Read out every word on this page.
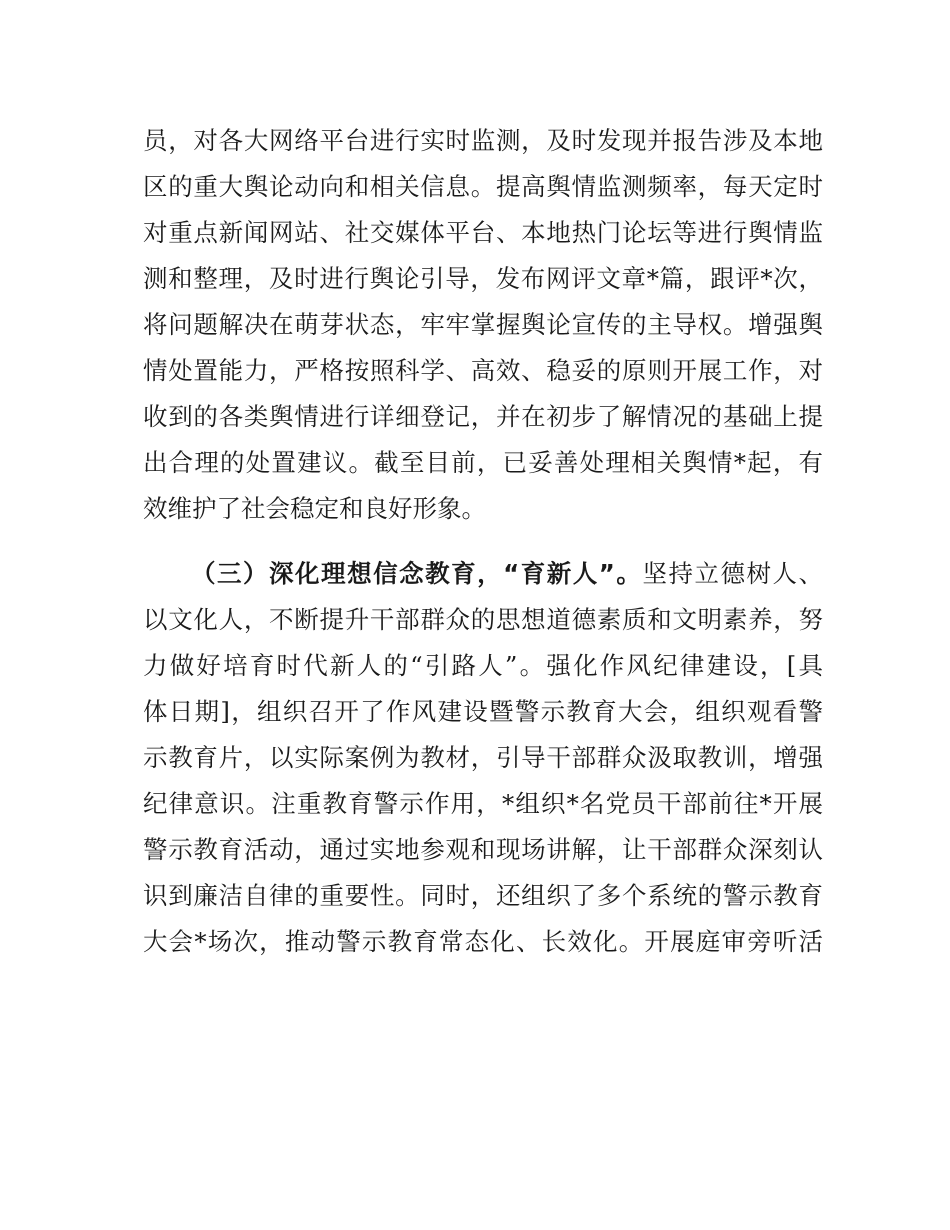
员，对各大网络平台进行实时监测，及时发现并报告涉及本地

区的重大舆论动向和相关信息。提高舆情监测频率，每天定时

对重点新闻网站、社交媒体平台、本地热门论坛等进行舆情监

测和整理，及时进行舆论引导，发布网评文章*篇，跟评*次，

将问题解决在萌芽状态，牢牢掌握舆论宣传的主导权。增强舆

情处置能力，严格按照科学、高效、稳妥的原则开展工作，对

收到的各类舆情进行详细登记，并在初步了解情况的基础上提

出合理的处置建议。截至目前，已妥善处理相关舆情*起，有

效维护了社会稳定和良好形象。

（三）深化理想信念教育，“育新人”。坚持立德树人、

以文化人，不断提升干部群众的思想道德素质和文明素养，努

力做好培育时代新人的“引路人”。强化作风纪律建设，[具

体日期]，组织召开了作风建设暨警示教育大会，组织观看警

示教育片，以实际案例为教材，引导干部群众汲取教训，增强

纪律意识。注重教育警示作用，*组织*名党员干部前往*开展

警示教育活动，通过实地参观和现场讲解，让干部群众深刻认

识到廉洁自律的重要性。同时，还组织了多个系统的警示教育

大会*场次，推动警示教育常态化、长效化。开展庭审旁听活
